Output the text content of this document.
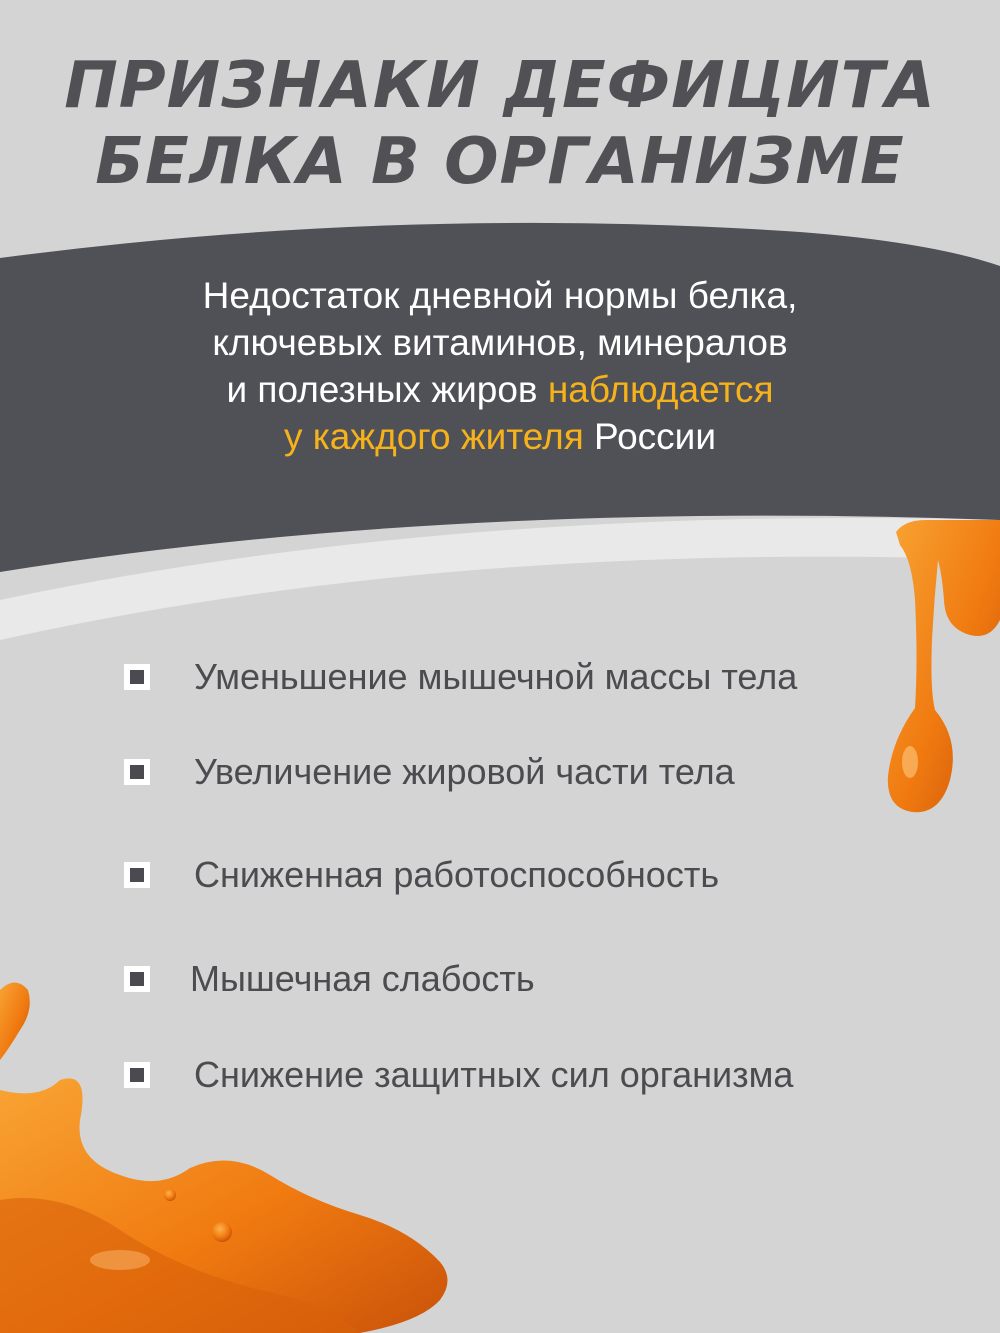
ПРИЗНАКИ ДЕФИЦИТА
БЕЛКА В ОРГАНИЗМЕ
Недостаток дневной нормы белка,
ключевых витаминов, минералов
и полезных жиров наблюдается
у каждого жителя России
Уменьшение мышечной массы тела
Увеличение жировой части тела
Сниженная работоспособность
Мышечная слабость
Снижение защитных сил организма
